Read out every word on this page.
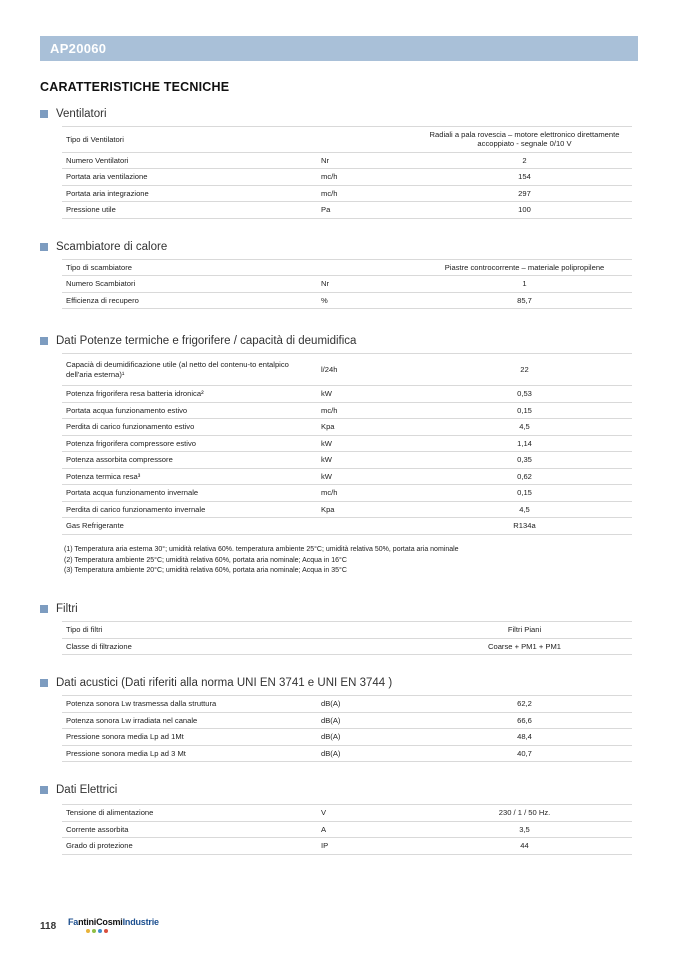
AP20060
CARATTERISTICHE TECNICHE
Ventilatori
Tipo di Ventilatori		Radiali a pala rovescia – motore elettronico direttamente accoppiato - segnale 0/10 V
Numero Ventilatori	Nr	2
Portata aria ventilazione	mc/h	154
Portata aria integrazione	mc/h	297
Pressione utile	Pa	100
Scambiatore di calore
Tipo di scambiatore		Piastre controcorrente – materiale polipropilene
Numero Scambiatori	Nr	1
Efficienza di recupero	%	85,7
Dati Potenze termiche e frigorifere / capacità di deumidifica
Capacià di deumidificazione utile (al netto del contenu-to entalpico dell'aria esterna)¹	l/24h	22
Potenza frigorifera resa batteria idronica²	kW	0,53
Portata acqua funzionamento estivo	mc/h	0,15
Perdita di carico funzionamento estivo	Kpa	4,5
Potenza frigorifera compressore estivo	kW	1,14
Potenza assorbita compressore	kW	0,35
Potenza termica resa³	kW	0,62
Portata acqua funzionamento invernale	mc/h	0,15
Perdita di carico funzionamento invernale	Kpa	4,5
Gas Refrigerante		R134a
(1) Temperatura aria esterna 30°; umidità relativa 60%. temperatura ambiente 25°C; umidità relativa 50%, portata aria nominale
(2) Temperatura ambiente 25°C; umidità relativa 60%, portata aria nominale; Acqua in 16°C
(3) Temperatura ambiente 20°C; umidità relativa 60%, portata aria nominale; Acqua in 35°C
Filtri
Tipo di filtri		Filtri Piani
Classe di filtrazione		Coarse + PM1 + PM1
Dati acustici (Dati riferiti alla norma UNI EN 3741 e UNI EN 3744 )
Potenza sonora Lw trasmessa dalla struttura	dB(A)	62,2
Potenza sonora Lw irradiata nel canale	dB(A)	66,6
Pressione sonora media Lp ad 1Mt	dB(A)	48,4
Pressione sonora media Lp ad 3 Mt	dB(A)	40,7
Dati Elettrici
Tensione di alimentazione	V	230 / 1 / 50 Hz.
Corrente assorbita	A	3,5
Grado di protezione	IP	44
118 FantiniCosmiIndustrie
